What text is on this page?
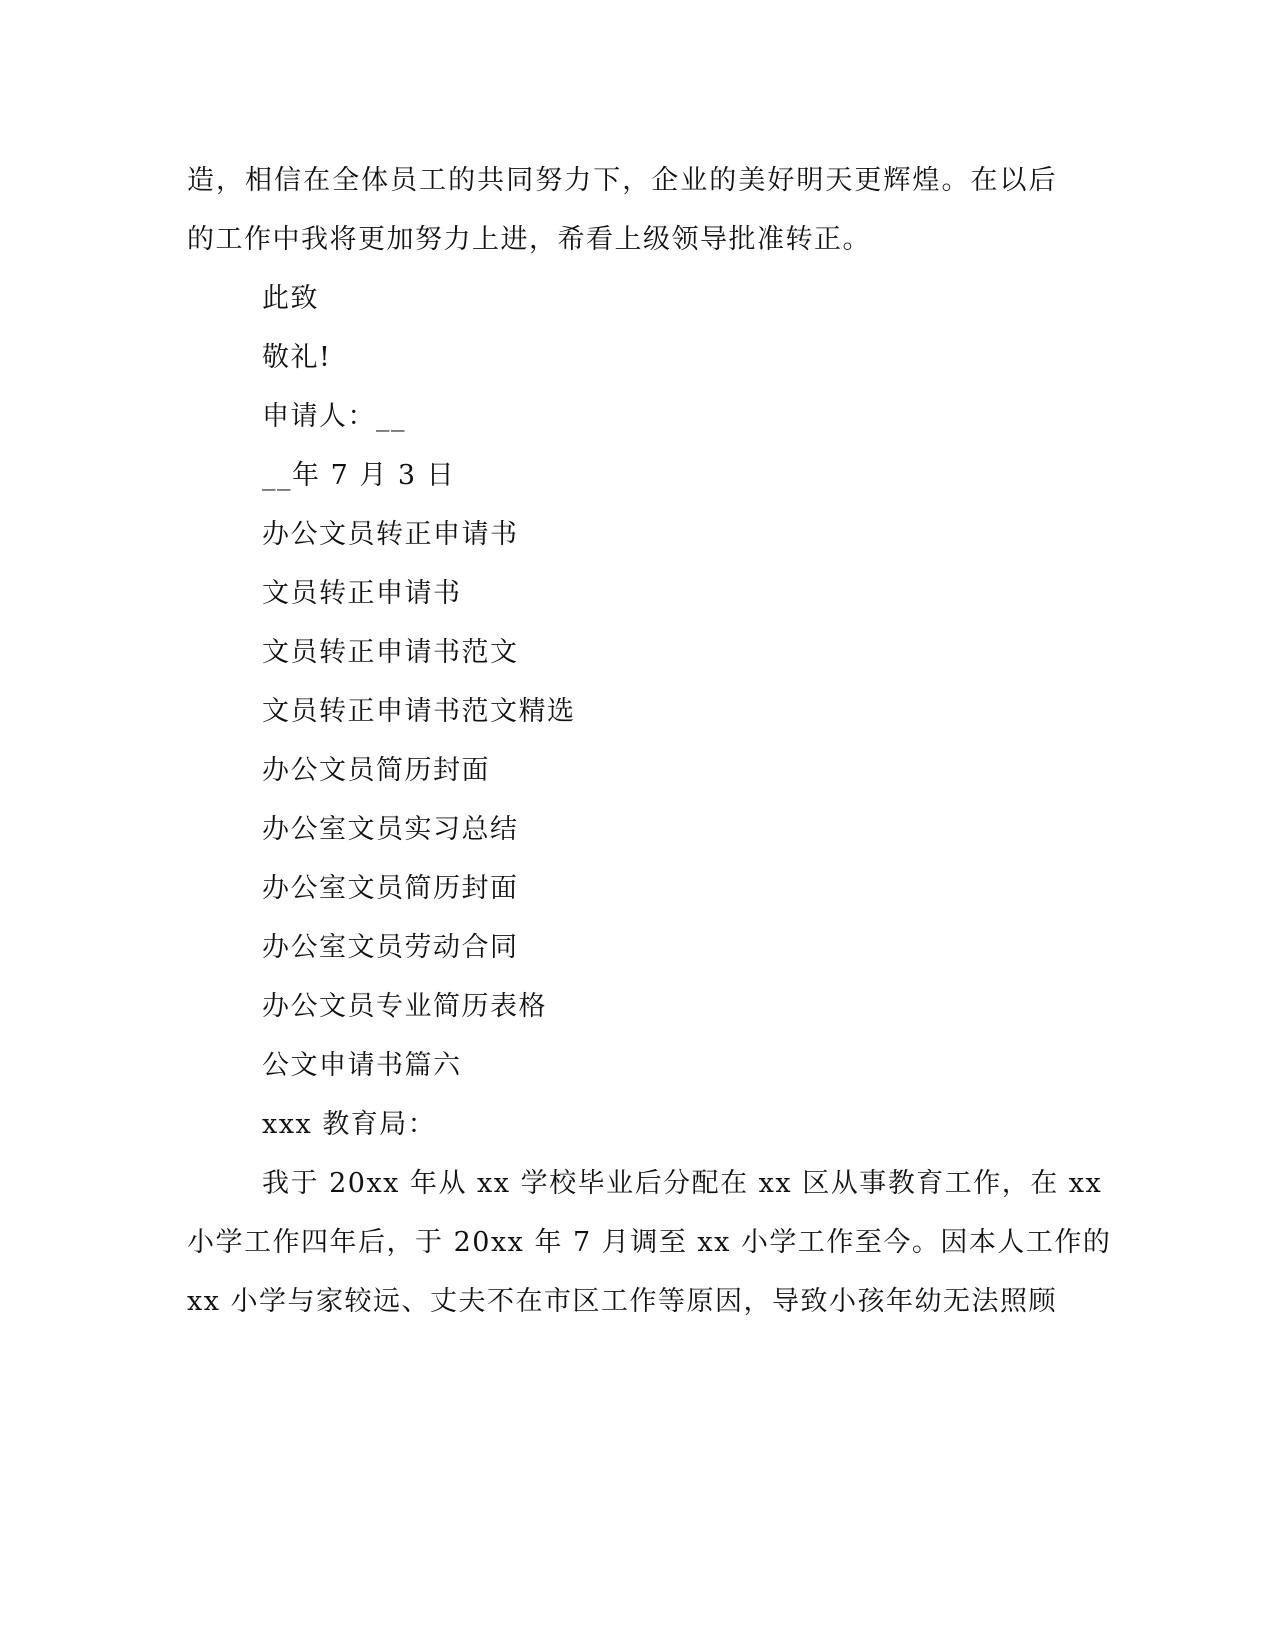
造，相信在全体员工的共同努力下，企业的美好明天更辉煌。在以后
的工作中我将更加努力上进，希看上级领导批准转正。
此致
敬礼!
申请人：__
__年 7 月 3 日
办公文员转正申请书
文员转正申请书
文员转正申请书范文
文员转正申请书范文精选
办公文员简历封面
办公室文员实习总结
办公室文员简历封面
办公室文员劳动合同
办公文员专业简历表格
公文申请书篇六
xxx 教育局：
我于 20xx 年从 xx 学校毕业后分配在 xx 区从事教育工作，在 xx
小学工作四年后，于 20xx 年 7 月调至 xx 小学工作至今。因本人工作的
xx 小学与家较远、丈夫不在市区工作等原因，导致小孩年幼无法照顾
